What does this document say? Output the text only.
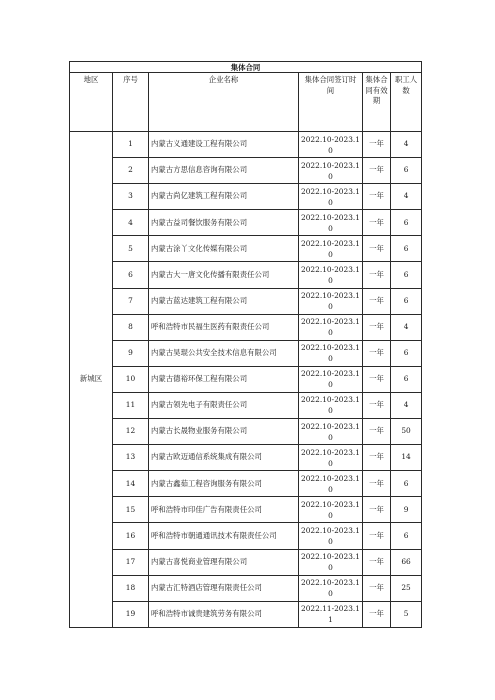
集体合同					
地区	序号	企业名称	集体合同签订时间	集体合同有效期	职工人数
新城区	1	内蒙古义通建设工程有限公司	2022.10-2023.10	一年	4
	2	内蒙古方思信息咨询有限公司	2022.10-2023.10	一年	6
	3	内蒙古尚亿建筑工程有限公司	2022.10-2023.10	一年	4
	4	内蒙古益司餐饮服务有限公司	2022.10-2023.10	一年	6
	5	内蒙古涂丫文化传媒有限公司	2022.10-2023.10	一年	6
	6	内蒙古大一唐文化传播有限责任公司	2022.10-2023.10	一年	6
	7	内蒙古蓝达建筑工程有限公司	2022.10-2023.10	一年	6
	8	呼和浩特市民福生医药有限责任公司	2022.10-2023.10	一年	4
	9	内蒙古昊琨公共安全技术信息有限公司	2022.10-2023.10	一年	6
	10	内蒙古德裕环保工程有限公司	2022.10-2023.10	一年	6
	11	内蒙古领先电子有限责任公司	2022.10-2023.10	一年	4
	12	内蒙古长晟物业服务有限公司	2022.10-2023.10	一年	50
	13	内蒙古欧迈通信系统集成有限公司	2022.10-2023.10	一年	14
	14	内蒙古鑫茹工程咨询服务有限公司	2022.10-2023.10	一年	6
	15	呼和浩特市印佳广告有限责任公司	2022.10-2023.10	一年	9
	16	呼和浩特市朝通通讯技术有限责任公司	2022.10-2023.10	一年	6
	17	内蒙古喜悦商业管理有限公司	2022.10-2023.10	一年	66
	18	内蒙古汇特酒店管理有限责任公司	2022.10-2023.10	一年	25
	19	呼和浩特市诚贵建筑劳务有限公司	2022.11-2023.11	一年	5
